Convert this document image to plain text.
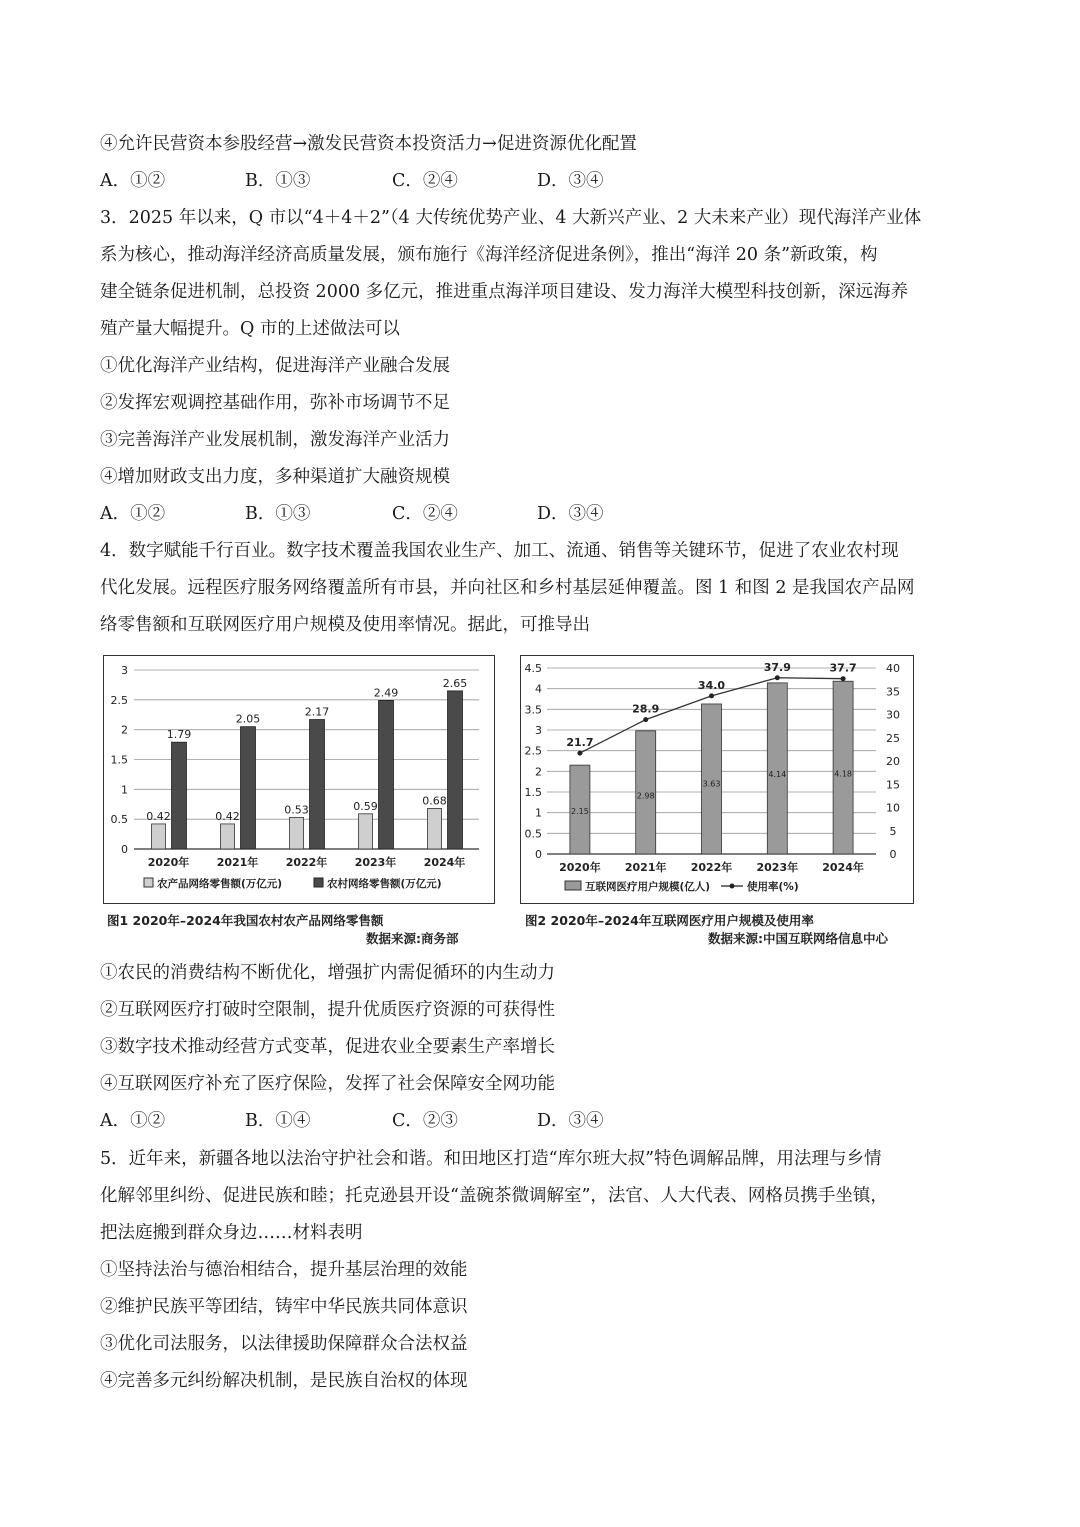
④允许民营资本参股经营→激发民营资本投资活力→促进资源优化配置
A．①②	B．①③	C．②④	D．③④
3．2025 年以来，Q 市以“4＋4＋2”（4 大传统优势产业、4 大新兴产业、2 大未来产业）现代海洋产业体
系为核心，推动海洋经济高质量发展，颁布施行《海洋经济促进条例》，推出“海洋 20 条”新政策，构
建全链条促进机制，总投资 2000 多亿元，推进重点海洋项目建设、发力海洋大模型科技创新，深远海养
殖产量大幅提升。Q 市的上述做法可以
①优化海洋产业结构，促进海洋产业融合发展
②发挥宏观调控基础作用，弥补市场调节不足
③完善海洋产业发展机制，激发海洋产业活力
④增加财政支出力度，多种渠道扩大融资规模
A．①②	B．①③	C．②④	D．③④
4．数字赋能千行百业。数字技术覆盖我国农业生产、加工、流通、销售等关键环节，促进了农业农村现
代化发展。远程医疗服务网络覆盖所有市县，并向社区和乡村基层延伸覆盖。图 1 和图 2 是我国农产品网
络零售额和互联网医疗用户规模及使用率情况。据此，可推导出
0
0.5
1
1.5
2
2.5
3
0.42
1.79
2020年
0.42
2.05
2021年
0.53
2.17
2022年
0.59
2.49
2023年
0.68
2.65
2024年
农产品网络零售额(万亿元)	农村网络零售额(万亿元)
图1 2020年–2024年我国农村农产品网络零售额
数据来源:商务部
0
0.5
1
1.5
2
2.5
3
3.5
4
4.5
0
5
10
15
20
25
30
35
40
2.15
2020年
2.98
2021年
3.63
2022年
4.14
2023年
4.18
2024年
21.7
28.9
34.0
37.9	37.7
互联网医疗用户规模(亿人)	使用率(%)
图2 2020年–2024年互联网医疗用户规模及使用率
数据来源:中国互联网络信息中心
①农民的消费结构不断优化，增强扩内需促循环的内生动力
②互联网医疗打破时空限制，提升优质医疗资源的可获得性
③数字技术推动经营方式变革，促进农业全要素生产率增长
④互联网医疗补充了医疗保险，发挥了社会保障安全网功能
A．①②	B．①④	C．②③	D．③④
5．近年来，新疆各地以法治守护社会和谐。和田地区打造“库尔班大叔”特色调解品牌，用法理与乡情
化解邻里纠纷、促进民族和睦；托克逊县开设“盖碗茶微调解室”，法官、人大代表、网格员携手坐镇，
把法庭搬到群众身边……材料表明
①坚持法治与德治相结合，提升基层治理的效能
②维护民族平等团结，铸牢中华民族共同体意识
③优化司法服务，以法律援助保障群众合法权益
④完善多元纠纷解决机制，是民族自治权的体现
